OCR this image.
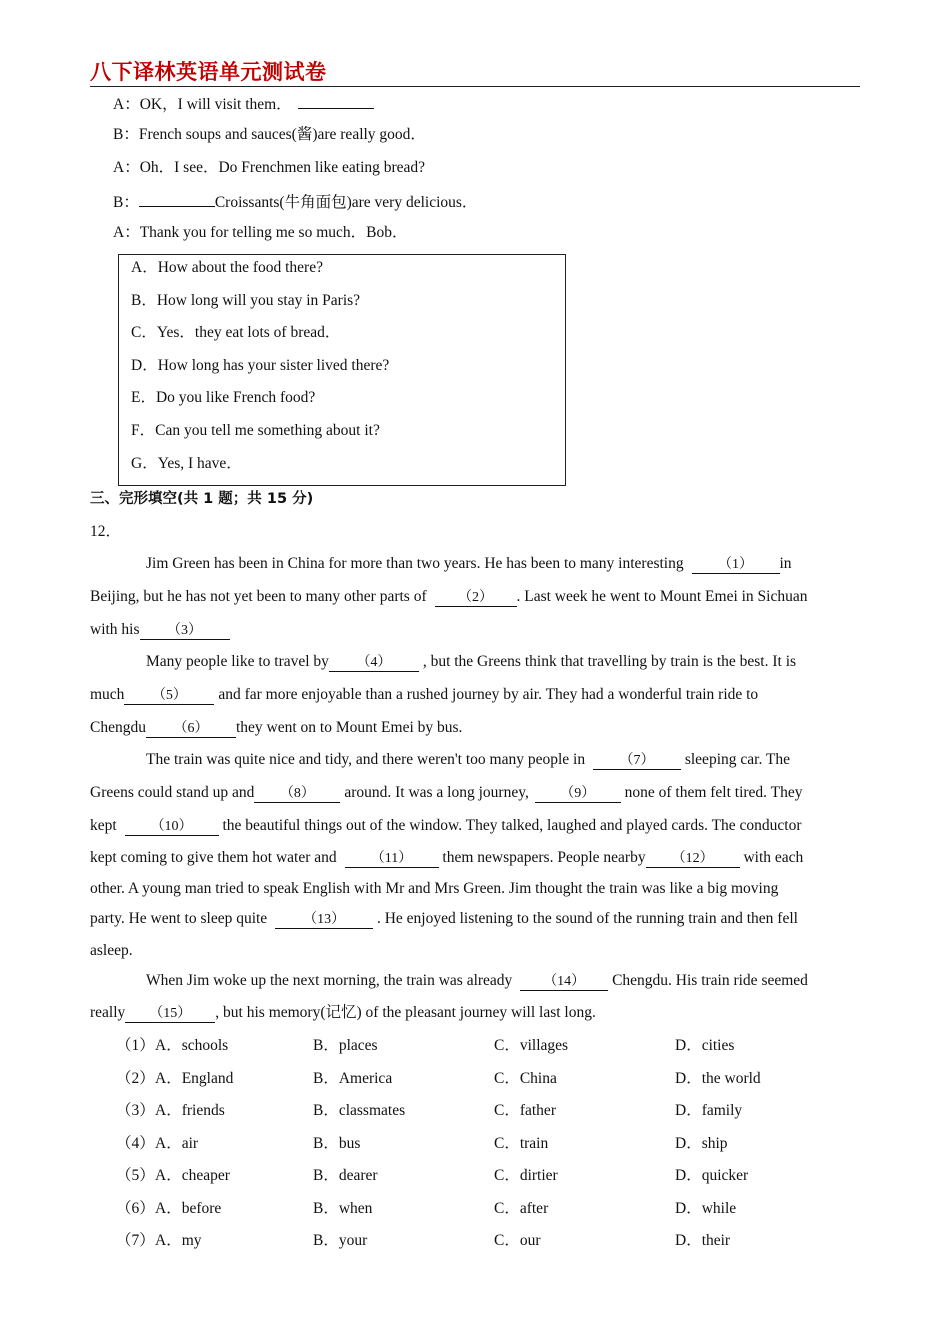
八下译林英语单元测试卷
A：OK，I will visit them．
B：French soups and sauces(酱)are really good．
A：Oh．I see．Do Frenchmen like eating bread?
B：	Croissants(牛角面包)are very delicious．
A：Thank you for telling me so much．Bob．
A．How about the food there?
B．How long will you stay in Paris?
C．Yes．they eat lots of bread．
D．How long has your sister lived there?
E．Do you like French food?
F．Can you tell me something about it?
G．Yes, I have．
三、完形填空(共 1 题；共 15 分)
12．
Jim Green has been in China for more than two years. He has been to many interesting （1） in
Beijing, but he has not yet been to many other parts of （2） . Last week he went to Mount Emei in Sichuan
with his （3）
Many people like to travel by （4） , but the Greens think that travelling by train is the best. It is
much （5） and far more enjoyable than a rushed journey by air. They had a wonderful train ride to
Chengdu （6） they went on to Mount Emei by bus.
The train was quite nice and tidy, and there weren't too many people in （7） sleeping car. The
Greens could stand up and （8） around. It was a long journey, （9） none of them felt tired. They
kept （10） the beautiful things out of the window. They talked, laughed and played cards. The conductor
kept coming to give them hot water and （11） them newspapers. People nearby （12） with each
other. A young man tried to speak English with Mr and Mrs Green. Jim thought the train was like a big moving
party. He went to sleep quite	（13） . He enjoyed listening to the sound of the running train and then fell
asleep.
When Jim woke up the next morning, the train was already （14） Chengdu. His train ride seemed
really （15） , but his memory(记忆) of the pleasant journey will last long.
（1） A．schools	B．places	C．villages	D．cities
（2） A．England	B．America	C．China	D．the world
（3） A．friends	B．classmates	C．father	D．family
（4） A．air	B．bus	C．train	D．ship
（5） A．cheaper	B．dearer	C．dirtier	D．quicker
（6） A．before	B．when	C．after	D．while
（7） A．my	B．your	C．our	D．their
